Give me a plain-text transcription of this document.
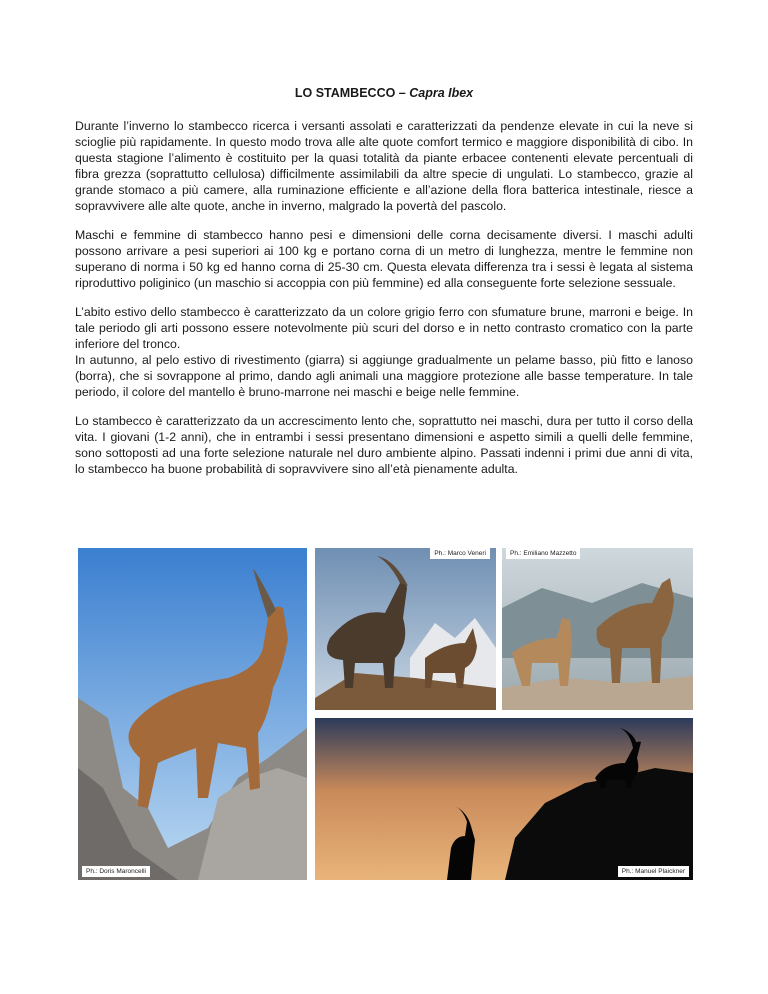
LO STAMBECCO – Capra Ibex

Durante l’inverno lo stambecco ricerca i versanti assolati e caratterizzati da pendenze elevate in cui la neve si scioglie più rapidamente. In questo modo trova alle alte quote comfort termico e maggiore disponibilità di cibo. In questa stagione l’alimento è costituito per la quasi totalità da piante erbacee contenenti elevate percentuali di fibra grezza (soprattutto cellulosa) difficilmente assimilabili da altre specie di ungulati. Lo stambecco, grazie al grande stomaco a più camere, alla ruminazione efficiente e all’azione della flora batterica intestinale, riesce a sopravvivere alle alte quote, anche in inverno, malgrado la povertà del pascolo.

Maschi e femmine di stambecco hanno pesi e dimensioni delle corna decisamente diversi. I maschi adulti possono arrivare a pesi superiori ai 100 kg e portano corna di un metro di lunghezza, mentre le femmine non superano di norma i 50 kg ed hanno corna di 25-30 cm. Questa elevata differenza tra i sessi è legata al sistema riproduttivo poliginico (un maschio si accoppia con più femmine) ed alla conseguente forte selezione sessuale.

L’abito estivo dello stambecco è caratterizzato da un colore grigio ferro con sfumature brune, marroni e beige. In tale periodo gli arti possono essere notevolmente più scuri del dorso e in netto contrasto cromatico con la parte inferiore del tronco.

In autunno, al pelo estivo di rivestimento (giarra) si aggiunge gradualmente un pelame basso, più fitto e lanoso (borra), che si sovrappone al primo, dando agli animali una maggiore protezione alle basse temperature. In tale periodo, il colore del mantello è bruno-marrone nei maschi e beige nelle femmine.

Lo stambecco è caratterizzato da un accrescimento lento che, soprattutto nei maschi, dura per tutto il corso della vita. I giovani (1-2 anni), che in entrambi i sessi presentano dimensioni e aspetto simili a quelli delle femmine, sono sottoposti ad una forte selezione naturale nel duro ambiente alpino. Passati indenni i primi due anni di vita, lo stambecco ha buone probabilità di sopravvivere sino all’età pienamente adulta.

Ph.: Doris Maroncelli
Ph.: Marco Veneri	Ph.: Emiliano Mazzetto
Ph.: Manuel Plaickner
